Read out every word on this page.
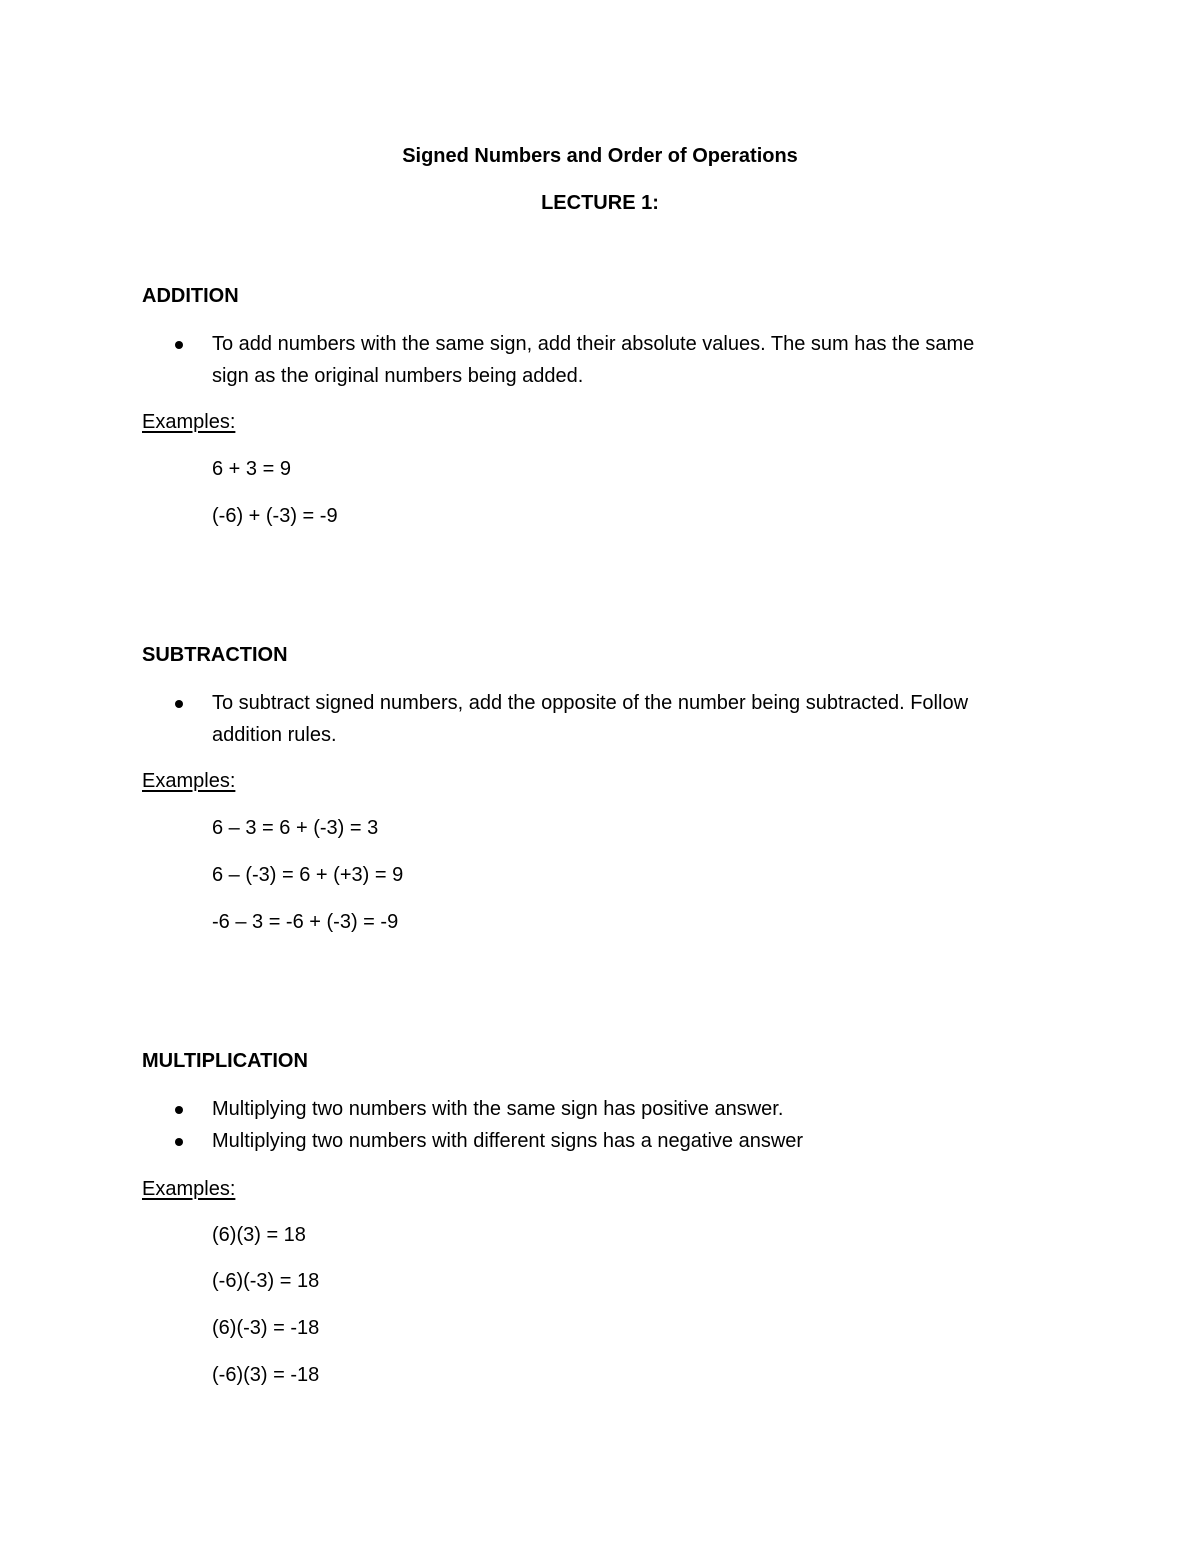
Signed Numbers and Order of Operations
LECTURE 1:
ADDITION
To add numbers with the same sign, add their absolute values. The sum has the same
sign as the original numbers being added.
Examples:
6 + 3 = 9
(-6) + (-3) = -9
SUBTRACTION
To subtract signed numbers, add the opposite of the number being subtracted. Follow
addition rules.
Examples:
6 – 3 = 6 + (-3) = 3
6 – (-3) = 6 + (+3) = 9
-6 – 3 = -6 + (-3) = -9
MULTIPLICATION
Multiplying two numbers with the same sign has positive answer.
Multiplying two numbers with different signs has a negative answer
Examples:
(6)(3) = 18
(-6)(-3) = 18
(6)(-3) = -18
(-6)(3) = -18
